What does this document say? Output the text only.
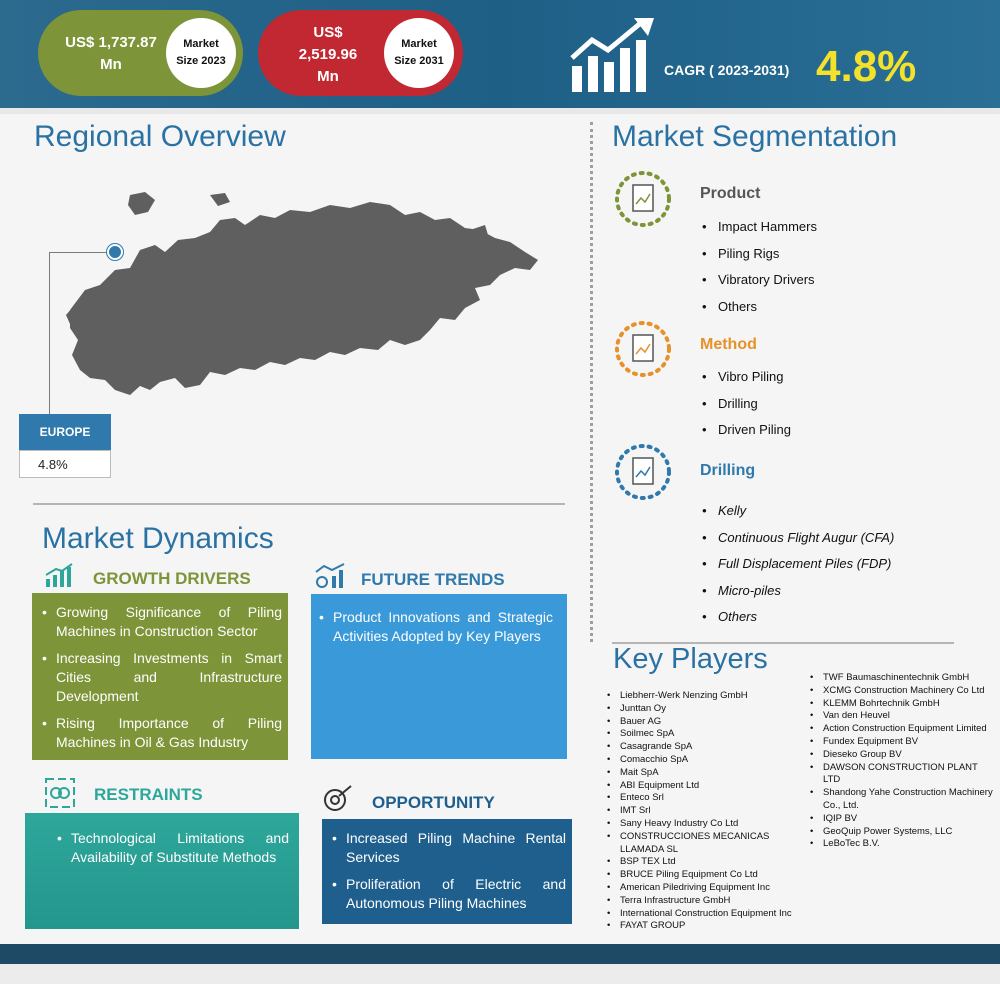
US$ 1,737.87
Mn
Market
Size 2023
US$
2,519.96
Mn
Market
Size 2031
CAGR ( 2023-2031) 4.8%
Regional Overview
EUROPE
4.8%
Market Dynamics
GROWTH DRIVERS
• Growing Significance of Piling Machines in Construction Sector
• Increasing Investments in Smart Cities and Infrastructure Development
• Rising Importance of Piling Machines in Oil & Gas Industry
FUTURE TRENDS
• Product Innovations and Strategic Activities Adopted by Key Players
RESTRAINTS
• Technological Limitations and Availability of Substitute Methods
OPPORTUNITY
• Increased Piling Machine Rental Services
• Proliferation of Electric and Autonomous Piling Machines
Market Segmentation
Product
• Impact Hammers
• Piling Rigs
• Vibratory Drivers
• Others
Method
• Vibro Piling
• Drilling
• Driven Piling
Drilling
• Kelly
• Continuous Flight Augur (CFA)
• Full Displacement Piles (FDP)
• Micro-piles
• Others
Key Players
• Liebherr-Werk Nenzing GmbH
• Junttan Oy
• Bauer AG
• Soilmec SpA
• Casagrande SpA
• Comacchio SpA
• Mait SpA
• ABI Equipment Ltd
• Enteco Srl
• IMT Srl
• Sany Heavy Industry Co Ltd
• CONSTRUCCIONES MECANICAS LLAMADA SL
• BSP TEX Ltd
• BRUCE Piling Equipment Co Ltd
• American Piledriving Equipment Inc
• Terra Infrastructure GmbH
• International Construction Equipment Inc
• FAYAT GROUP
• TWF Baumaschinentechnik GmbH
• XCMG Construction Machinery Co Ltd
• KLEMM Bohrtechnik GmbH
• Van den Heuvel
• Action Construction Equipment Limited
• Fundex Equipment BV
• Dieseko Group BV
• DAWSON CONSTRUCTION PLANT LTD
• Shandong Yahe Construction Machinery Co., Ltd.
• IQIP BV
• GeoQuip Power Systems, LLC
• LeBoTec B.V.
